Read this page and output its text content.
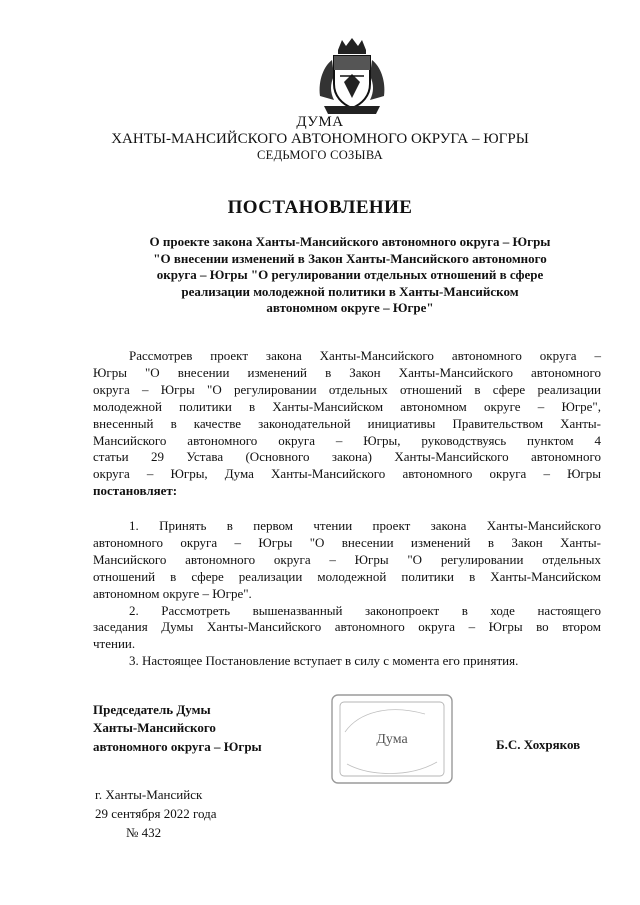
ДУМА
ХАНТЫ-МАНСИЙСКОГО АВТОНОМНОГО ОКРУГА – ЮГРЫ
СЕДЬМОГО СОЗЫВА
ПОСТАНОВЛЕНИЕ
О проекте закона Ханты-Мансийского автономного округа – Югры
"О внесении изменений в Закон Ханты-Мансийского автономного
округа – Югры "О регулировании отдельных отношений в сфере
реализации молодежной политики в Ханты-Мансийском
автономном округе – Югре"
Рассмотрев проект закона Ханты-Мансийского автономного округа –
Югры "О внесении изменений в Закон Ханты-Мансийского автономного
округа – Югры "О регулировании отдельных отношений в сфере реализации
молодежной политики в Ханты-Мансийском автономном округе – Югре",
внесенный в качестве законодательной инициативы Правительством Ханты-
Мансийского автономного округа – Югры, руководствуясь пунктом 4
статьи 29 Устава (Основного закона) Ханты-Мансийского автономного
округа – Югры, Дума Ханты-Мансийского автономного округа – Югры
постановляет:
1. Принять в первом чтении проект закона Ханты-Мансийского
автономного округа – Югры "О внесении изменений в Закон Ханты-
Мансийского автономного округа – Югры "О регулировании отдельных
отношений в сфере реализации молодежной политики в Ханты-Мансийском
автономном округе – Югре".
2. Рассмотреть вышеназванный законопроект в ходе настоящего
заседания Думы Ханты-Мансийского автономного округа – Югры во втором
чтении.
3. Настоящее Постановление вступает в силу с момента его принятия.
Председатель Думы
Ханты-Мансийского
автономного округа – Югры	Дума	Б.С. Хохряков
г. Ханты-Мансийск
29 сентября 2022 года
№ 432
